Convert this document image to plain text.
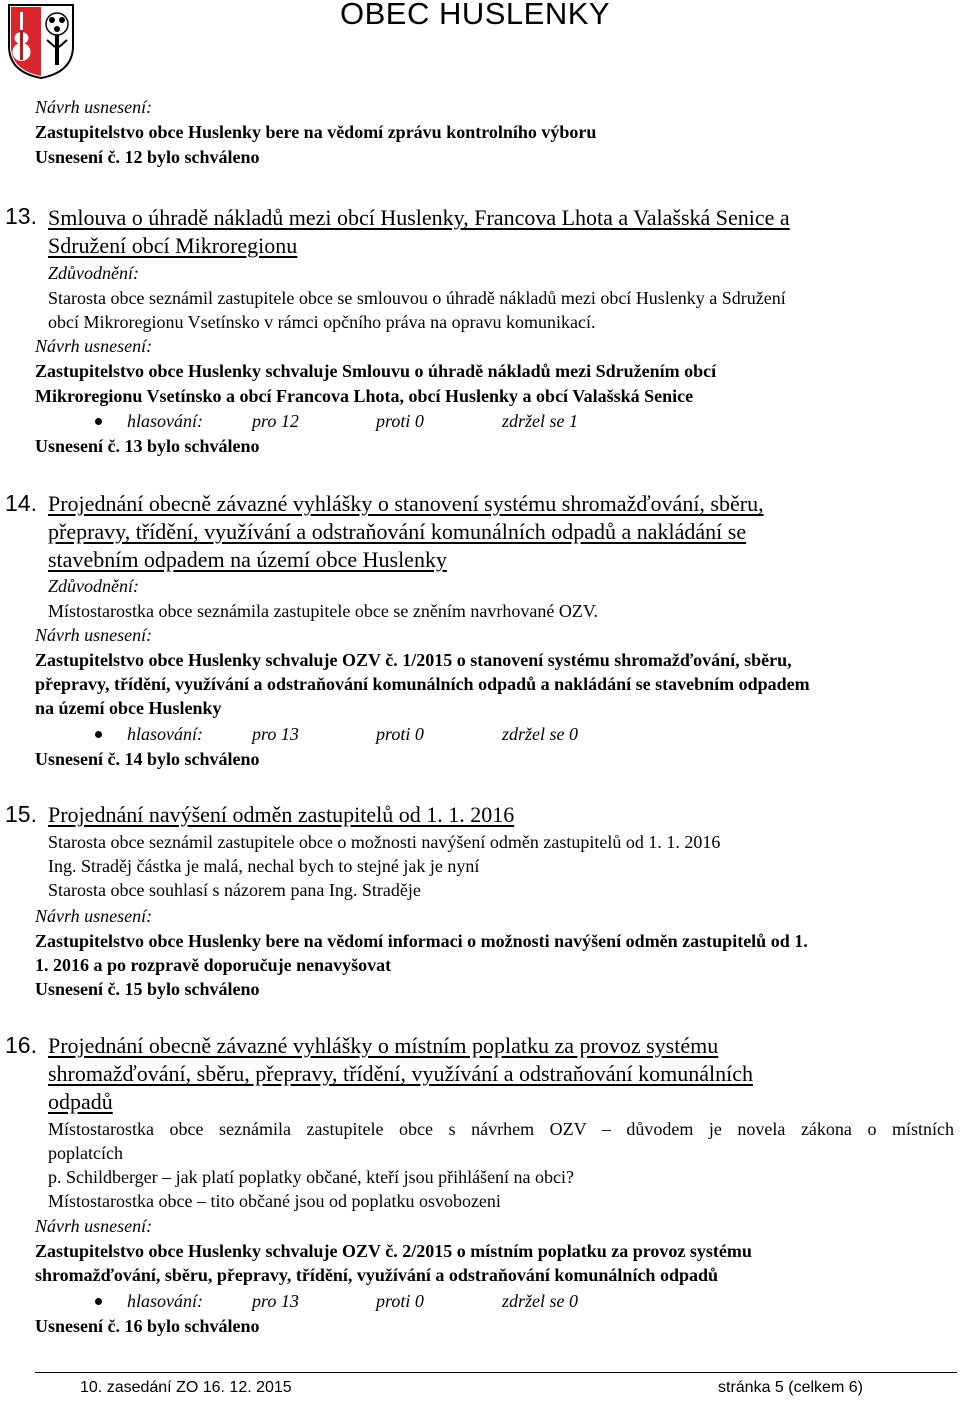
OBEC HUSLENKY
Návrh usnesení:
Zastupitelstvo obce Huslenky bere na vědomí zprávu kontrolního výboru
Usnesení č. 12 bylo schváleno
13. Smlouva o úhradě nákladů mezi obcí Huslenky, Francova Lhota a Valašská Senice a
Sdružení obcí Mikroregionu
Zdůvodnění:
Starosta obce seznámil zastupitele obce se smlouvou o úhradě nákladů mezi obcí Huslenky a Sdružení
obcí Mikroregionu Vsetínsko v rámci opčního práva na opravu komunikací.
Návrh usnesení:
Zastupitelstvo obce Huslenky schvaluje Smlouvu o úhradě nákladů mezi Sdružením obcí
Mikroregionu Vsetínsko a obcí Francova Lhota, obcí Huslenky a obcí Valašská Senice
hlasování:	pro 12	proti 0	zdržel se 1
Usnesení č. 13 bylo schváleno
14. Projednání obecně závazné vyhlášky o stanovení systému shromažďování, sběru,
přepravy, třídění, využívání a odstraňování komunálních odpadů a nakládání se
stavebním odpadem na území obce Huslenky
Zdůvodnění:
Místostarostka obce seznámila zastupitele obce se zněním navrhované OZV.
Návrh usnesení:
Zastupitelstvo obce Huslenky schvaluje OZV č. 1/2015 o stanovení systému shromažďování, sběru,
přepravy, třídění, využívání a odstraňování komunálních odpadů a nakládání se stavebním odpadem
na území obce Huslenky
hlasování:	pro 13	proti 0	zdržel se 0
Usnesení č. 14 bylo schváleno
15. Projednání navýšení odměn zastupitelů od 1. 1. 2016
Starosta obce seznámil zastupitele obce o možnosti navýšení odměn zastupitelů od 1. 1. 2016
Ing. Straděj částka je malá, nechal bych to stejné jak je nyní
Starosta obce souhlasí s názorem pana Ing. Straděje
Návrh usnesení:
Zastupitelstvo obce Huslenky bere na vědomí informaci o možnosti navýšení odměn zastupitelů od 1.
1. 2016 a po rozpravě doporučuje nenavyšovat
Usnesení č. 15 bylo schváleno
16. Projednání obecně závazné vyhlášky o místním poplatku za provoz systému
shromažďování, sběru, přepravy, třídění, využívání a odstraňování komunálních
odpadů
Místostarostka obce seznámila zastupitele obce s návrhem OZV – důvodem je novela zákona o místních
poplatcích
p. Schildberger – jak platí poplatky občané, kteří jsou přihlášení na obci?
Místostarostka obce – tito občané jsou od poplatku osvobozeni
Návrh usnesení:
Zastupitelstvo obce Huslenky schvaluje OZV č. 2/2015 o místním poplatku za provoz systému
shromažďování, sběru, přepravy, třídění, využívání a odstraňování komunálních odpadů
hlasování:	pro 13	proti 0	zdržel se 0
Usnesení č. 16 bylo schváleno
10. zasedání ZO 16. 12. 2015	stránka 5 (celkem 6)
